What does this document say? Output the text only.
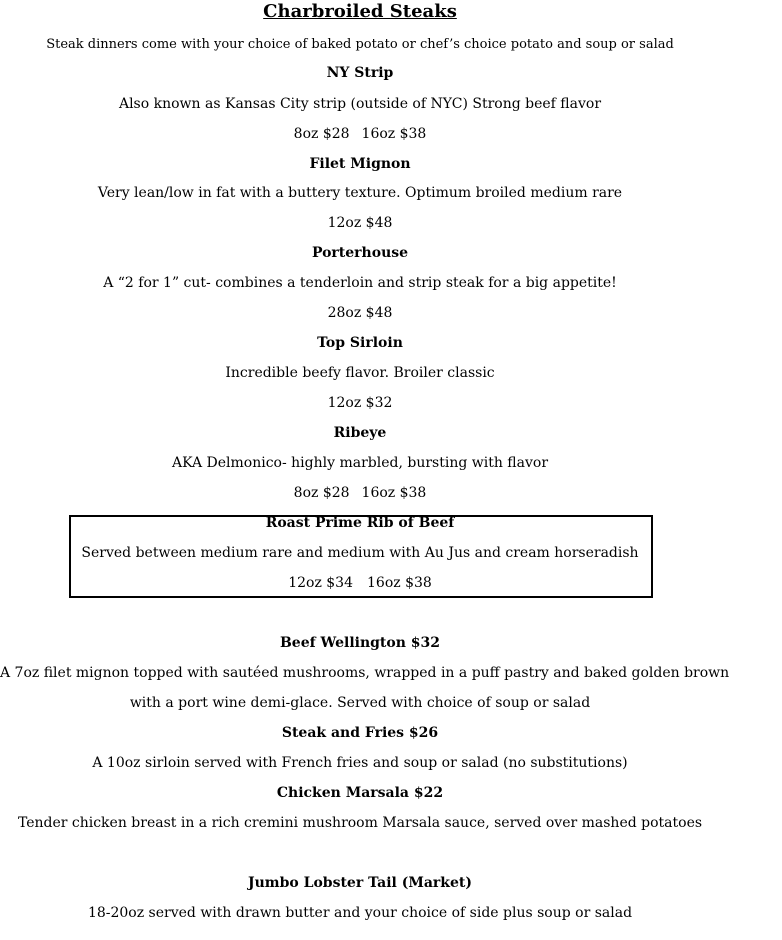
Charbroiled Steaks
Steak dinners come with your choice of baked potato or chef’s choice potato and soup or salad
NY Strip
Also known as Kansas City strip (outside of NYC) Strong beef flavor
8oz $28 16oz $38
Filet Mignon
Very lean/low in fat with a buttery texture. Optimum broiled medium rare
12oz $48
Porterhouse
A “2 for 1” cut- combines a tenderloin and strip steak for a big appetite!
28oz $48
Top Sirloin
Incredible beefy flavor. Broiler classic
12oz $32
Ribeye
AKA Delmonico- highly marbled, bursting with flavor
8oz $28 16oz $38
Roast Prime Rib of Beef
Served between medium rare and medium with Au Jus and cream horseradish
12oz $34 16oz $38
Beef Wellington $32
A 7oz filet mignon topped with sautéed mushrooms, wrapped in a puff pastry and baked golden brown
with a port wine demi-glace. Served with choice of soup or salad
Steak and Fries $26
A 10oz sirloin served with French fries and soup or salad (no substitutions)
Chicken Marsala $22
Tender chicken breast in a rich cremini mushroom Marsala sauce, served over mashed potatoes
Jumbo Lobster Tail (Market)
18-20oz served with drawn butter and your choice of side plus soup or salad
